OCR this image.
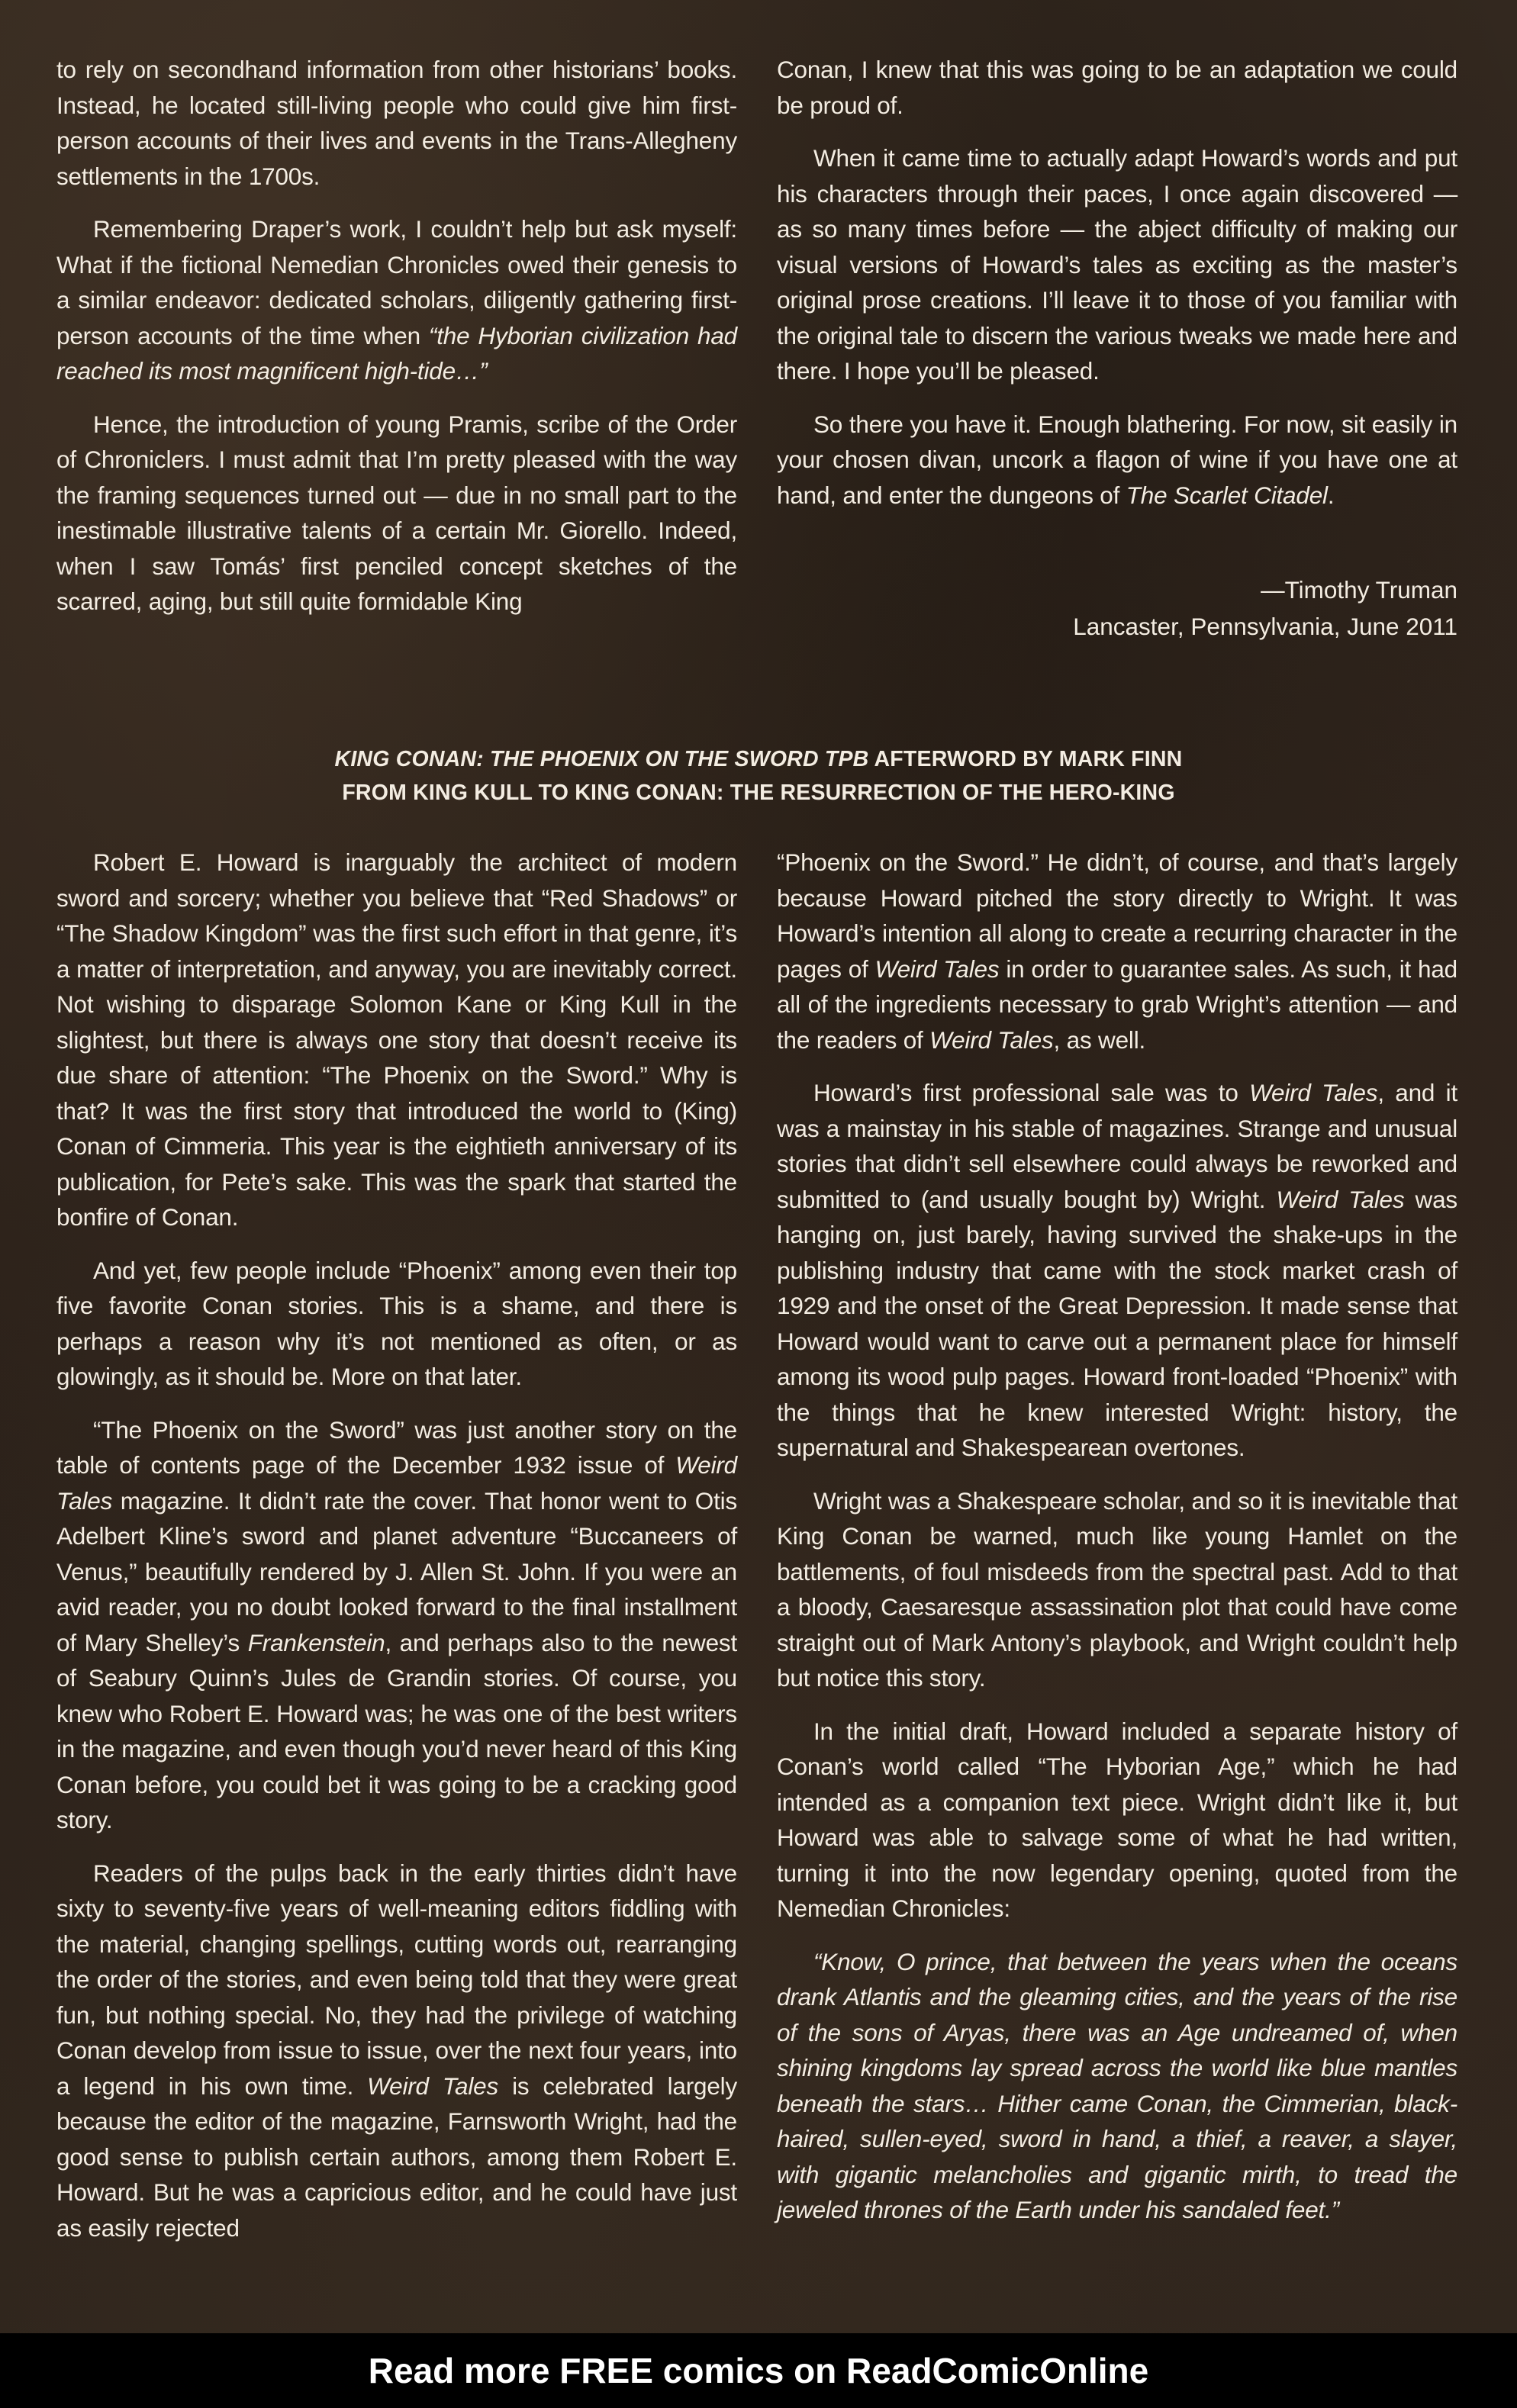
to rely on secondhand information from other historians’ books. Instead, he located still-living people who could give him first-person accounts of their lives and events in the Trans-Allegheny settlements in the 1700s.

Remembering Draper’s work, I couldn’t help but ask myself: What if the fictional Nemedian Chronicles owed their genesis to a similar endeavor: dedicated scholars, diligently gathering first-person accounts of the time when “the Hyborian civilization had reached its most magnificent high-tide…”

Hence, the introduction of young Pramis, scribe of the Order of Chroniclers. I must admit that I’m pretty pleased with the way the framing sequences turned out — due in no small part to the inestimable illustrative talents of a certain Mr. Giorello. Indeed, when I saw Tomás’ first penciled concept sketches of the scarred, aging, but still quite formidable King

Conan, I knew that this was going to be an adaptation we could be proud of.

When it came time to actually adapt Howard’s words and put his characters through their paces, I once again discovered — as so many times before — the abject difficulty of making our visual versions of Howard’s tales as exciting as the master’s original prose creations. I’ll leave it to those of you familiar with the original tale to discern the various tweaks we made here and there. I hope you’ll be pleased.

So there you have it. Enough blathering. For now, sit easily in your chosen divan, uncork a flagon of wine if you have one at hand, and enter the dungeons of The Scarlet Citadel.

—Timothy Truman
Lancaster, Pennsylvania, June 2011
KING CONAN: THE PHOENIX ON THE SWORD TPB AFTERWORD BY MARK FINN
FROM KING KULL TO KING CONAN: THE RESURRECTION OF THE HERO-KING

Robert E. Howard is inarguably the architect of modern sword and sorcery; whether you believe that “Red Shadows” or “The Shadow Kingdom” was the first such effort in that genre, it’s a matter of interpretation, and anyway, you are inevitably correct. Not wishing to disparage Solomon Kane or King Kull in the slightest, but there is always one story that doesn’t receive its due share of attention: “The Phoenix on the Sword.” Why is that? It was the first story that introduced the world to (King) Conan of Cimmeria. This year is the eightieth anniversary of its publication, for Pete’s sake. This was the spark that started the bonfire of Conan.

And yet, few people include “Phoenix” among even their top five favorite Conan stories. This is a shame, and there is perhaps a reason why it’s not mentioned as often, or as glowingly, as it should be. More on that later.

“The Phoenix on the Sword” was just another story on the table of contents page of the December 1932 issue of Weird Tales magazine. It didn’t rate the cover. That honor went to Otis Adelbert Kline’s sword and planet adventure “Buccaneers of Venus,” beautifully rendered by J. Allen St. John. If you were an avid reader, you no doubt looked forward to the final installment of Mary Shelley’s Frankenstein, and perhaps also to the newest of Seabury Quinn’s Jules de Grandin stories. Of course, you knew who Robert E. Howard was; he was one of the best writers in the magazine, and even though you’d never heard of this King Conan before, you could bet it was going to be a cracking good story.

Readers of the pulps back in the early thirties didn’t have sixty to seventy-five years of well-meaning editors fiddling with the material, changing spellings, cutting words out, rearranging the order of the stories, and even being told that they were great fun, but nothing special. No, they had the privilege of watching Conan develop from issue to issue, over the next four years, into a legend in his own time. Weird Tales is celebrated largely because the editor of the magazine, Farnsworth Wright, had the good sense to publish certain authors, among them Robert E. Howard. But he was a capricious editor, and he could have just as easily rejected

“Phoenix on the Sword.” He didn’t, of course, and that’s largely because Howard pitched the story directly to Wright. It was Howard’s intention all along to create a recurring character in the pages of Weird Tales in order to guarantee sales. As such, it had all of the ingredients necessary to grab Wright’s attention — and the readers of Weird Tales, as well.

Howard’s first professional sale was to Weird Tales, and it was a mainstay in his stable of magazines. Strange and unusual stories that didn’t sell elsewhere could always be reworked and submitted to (and usually bought by) Wright. Weird Tales was hanging on, just barely, having survived the shake-ups in the publishing industry that came with the stock market crash of 1929 and the onset of the Great Depression. It made sense that Howard would want to carve out a permanent place for himself among its wood pulp pages. Howard front-loaded “Phoenix” with the things that he knew interested Wright: history, the supernatural and Shakespearean overtones.

Wright was a Shakespeare scholar, and so it is inevitable that King Conan be warned, much like young Hamlet on the battlements, of foul misdeeds from the spectral past. Add to that a bloody, Caesaresque assassination plot that could have come straight out of Mark Antony’s playbook, and Wright couldn’t help but notice this story.

In the initial draft, Howard included a separate history of Conan’s world called “The Hyborian Age,” which he had intended as a companion text piece. Wright didn’t like it, but Howard was able to salvage some of what he had written, turning it into the now legendary opening, quoted from the Nemedian Chronicles:

“Know, O prince, that between the years when the oceans drank Atlantis and the gleaming cities, and the years of the rise of the sons of Aryas, there was an Age undreamed of, when shining kingdoms lay spread across the world like blue mantles beneath the stars… Hither came Conan, the Cimmerian, black-haired, sullen-eyed, sword in hand, a thief, a reaver, a slayer, with gigantic melancholies and gigantic mirth, to tread the jeweled thrones of the Earth under his sandaled feet.”

Read more FREE comics on ReadComicOnline
